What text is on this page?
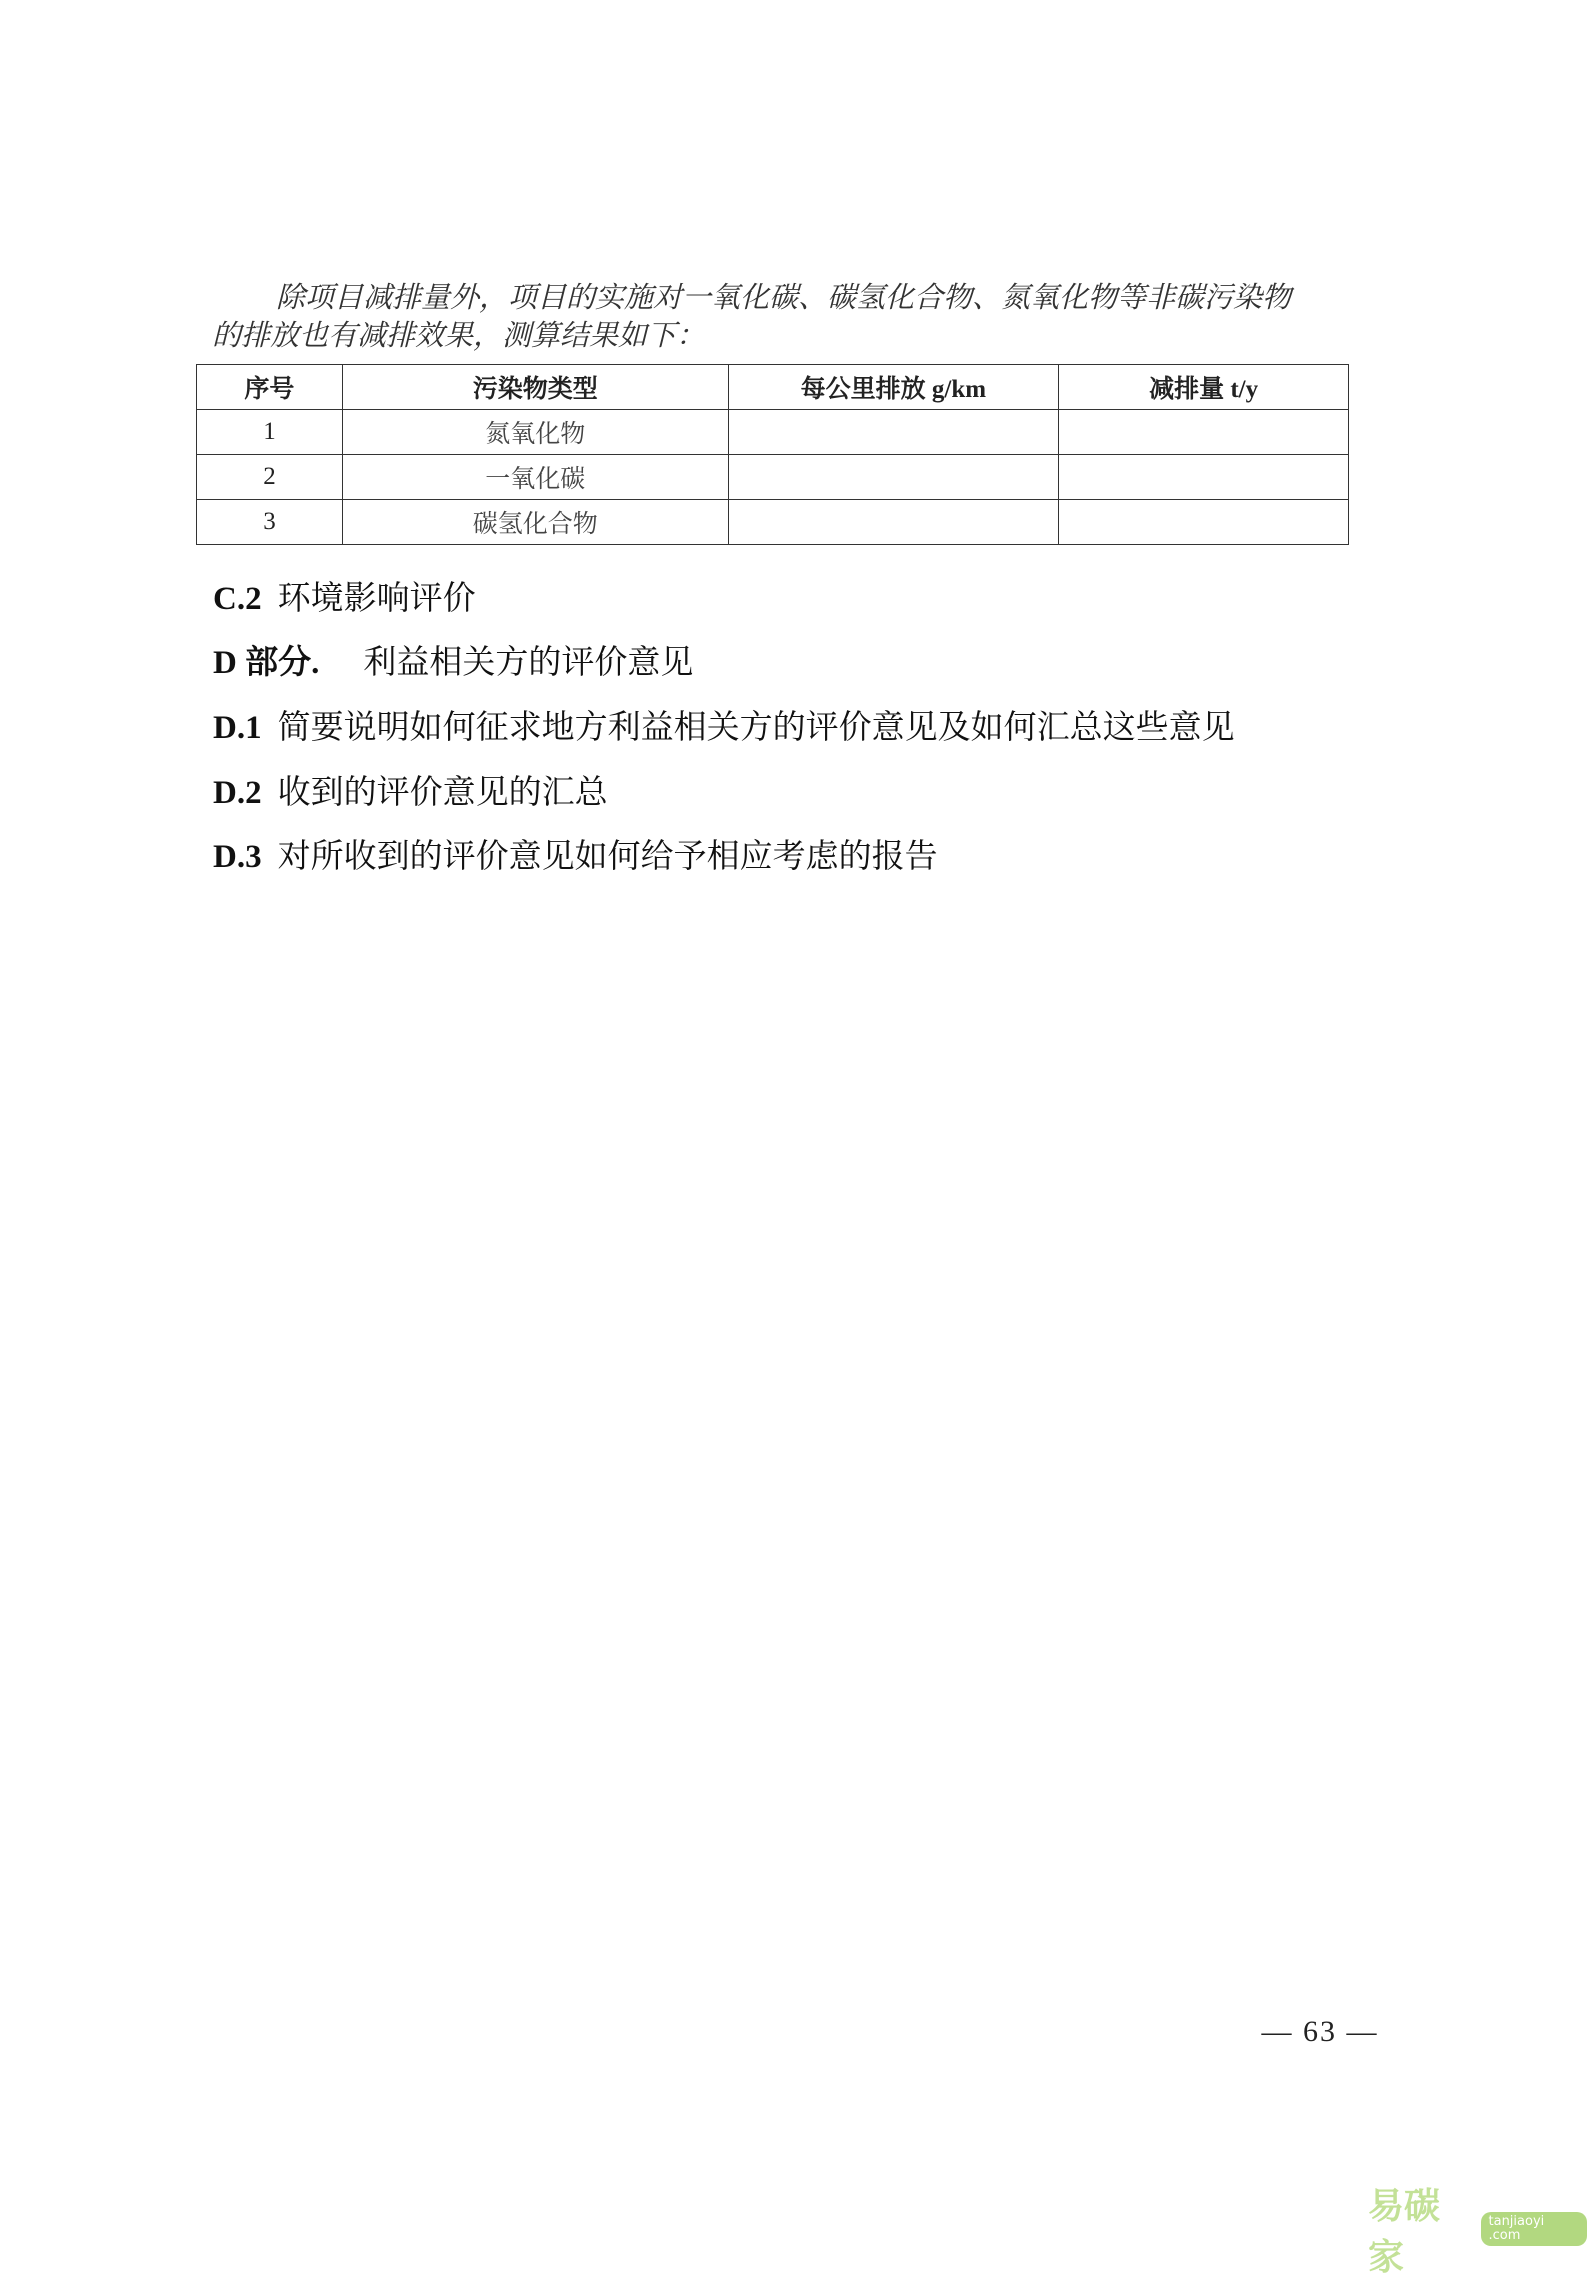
除项目减排量外，项目的实施对一氧化碳、碳氢化合物、氮氧化物等非碳污染物
的排放也有减排效果，测算结果如下：
序号	污染物类型	每公里排放 g/km	减排量 t/y
1	氮氧化物		
2	一氧化碳		
3	碳氢化合物		
C.2 环境影响评价
D 部分. 利益相关方的评价意见
D.1 简要说明如何征求地方利益相关方的评价意见及如何汇总这些意见
D.2 收到的评价意见的汇总
D.3 对所收到的评价意见如何给予相应考虑的报告
— 63 —
易碳家
tanjiaoyi .com
